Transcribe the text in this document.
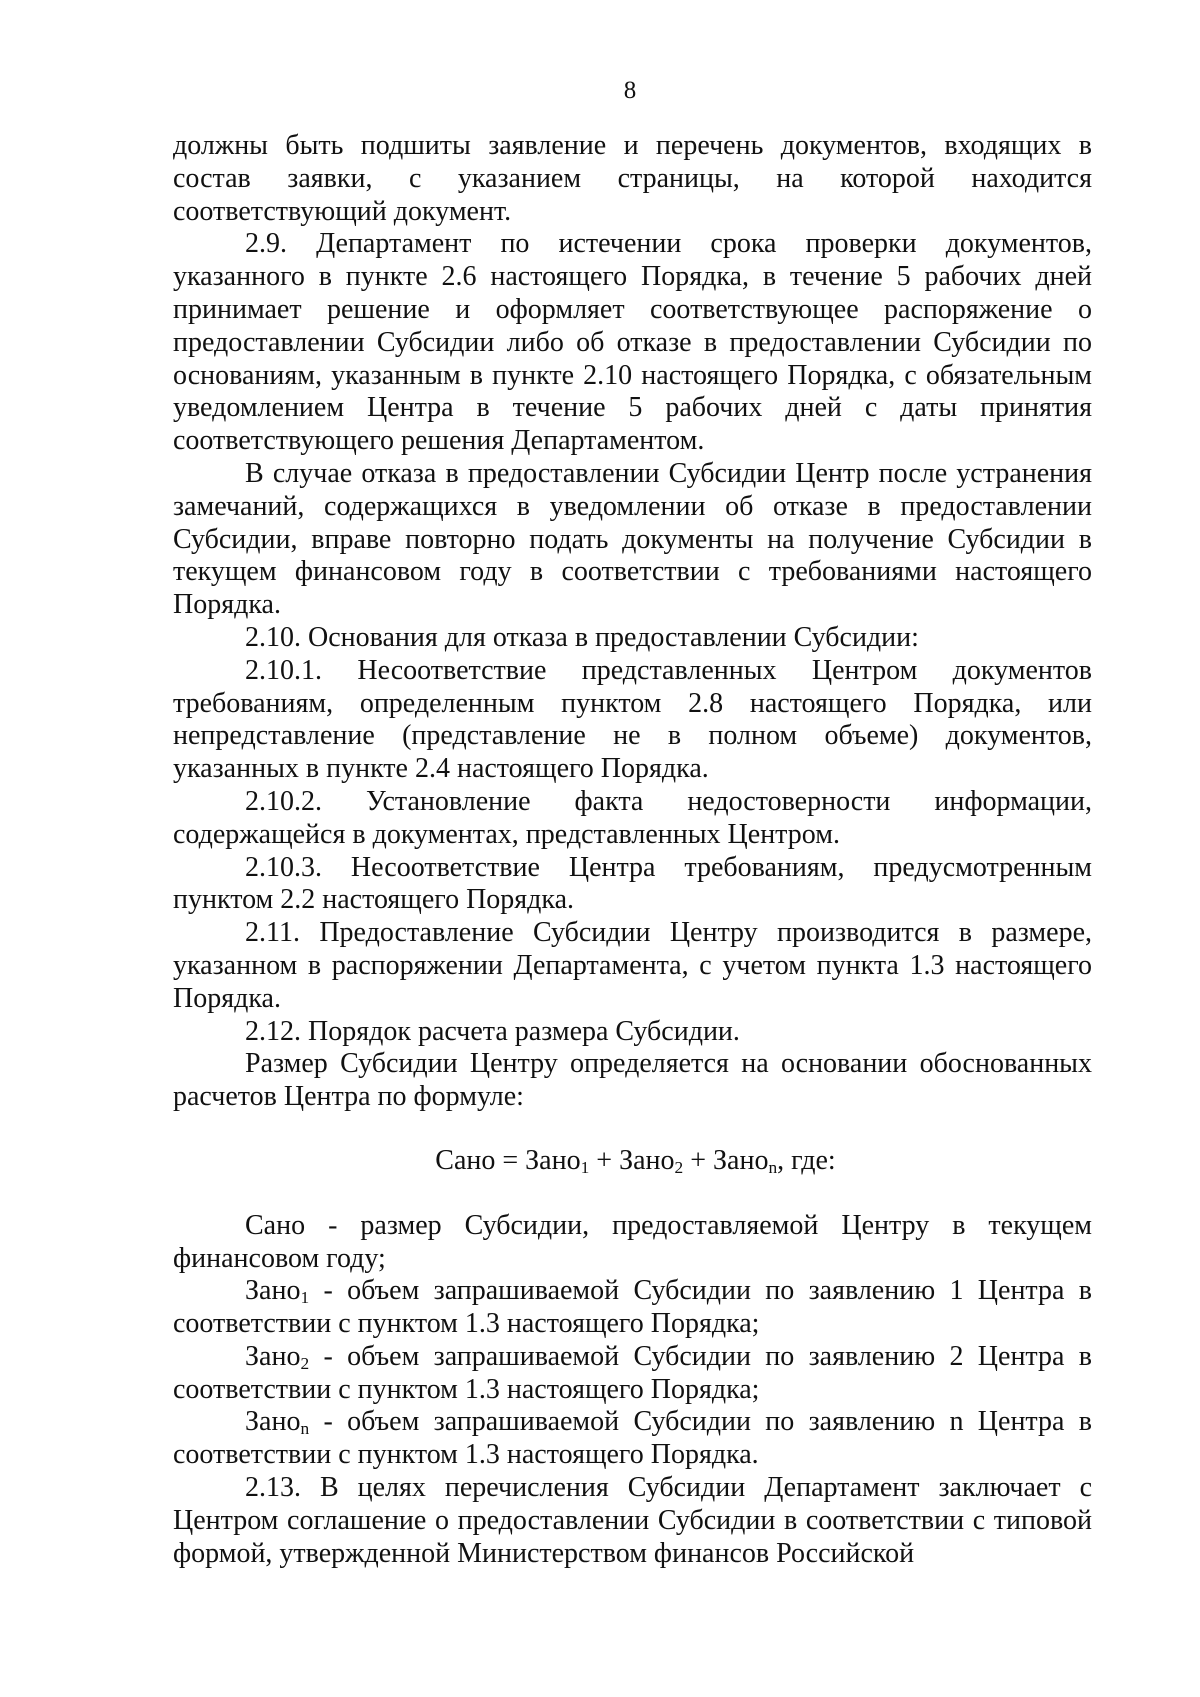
8

должны быть подшиты заявление и перечень документов, входящих в состав заявки, с указанием страницы, на которой находится соответствующий документ.

2.9. Департамент по истечении срока проверки документов, указанного в пункте 2.6 настоящего Порядка, в течение 5 рабочих дней принимает решение и оформляет соответствующее распоряжение о предоставлении Субсидии либо об отказе в предоставлении Субсидии по основаниям, указанным в пункте 2.10 настоящего Порядка, с обязательным уведомлением Центра в течение 5 рабочих дней с даты принятия соответствующего решения Департаментом.

В случае отказа в предоставлении Субсидии Центр после устранения замечаний, содержащихся в уведомлении об отказе в предоставлении Субсидии, вправе повторно подать документы на получение Субсидии в текущем финансовом году в соответствии с требованиями настоящего Порядка.

2.10. Основания для отказа в предоставлении Субсидии:

2.10.1. Несоответствие представленных Центром документов требованиям, определенным пунктом 2.8 настоящего Порядка, или непредставление (представление не в полном объеме) документов, указанных в пункте 2.4 настоящего Порядка.

2.10.2. Установление факта недостоверности информации, содержащейся в документах, представленных Центром.

2.10.3. Несоответствие Центра требованиям, предусмотренным пунктом 2.2 настоящего Порядка.

2.11. Предоставление Субсидии Центру производится в размере, указанном в распоряжении Департамента, с учетом пункта 1.3 настоящего Порядка.

2.12. Порядок расчета размера Субсидии.

Размер Субсидии Центру определяется на основании обоснованных расчетов Центра по формуле:

Сано = Зано$_1$ + Зано$_2$ + Зано$_n$, где:

Сано - размер Субсидии, предоставляемой Центру в текущем финансовом году;

Зано$_1$ - объем запрашиваемой Субсидии по заявлению 1 Центра в соответствии с пунктом 1.3 настоящего Порядка;

Зано$_2$ - объем запрашиваемой Субсидии по заявлению 2 Центра в соответствии с пунктом 1.3 настоящего Порядка;

Зано$_n$ - объем запрашиваемой Субсидии по заявлению n Центра в соответствии с пунктом 1.3 настоящего Порядка.

2.13. В целях перечисления Субсидии Департамент заключает с Центром соглашение о предоставлении Субсидии в соответствии с типовой формой, утвержденной Министерством финансов Российской
